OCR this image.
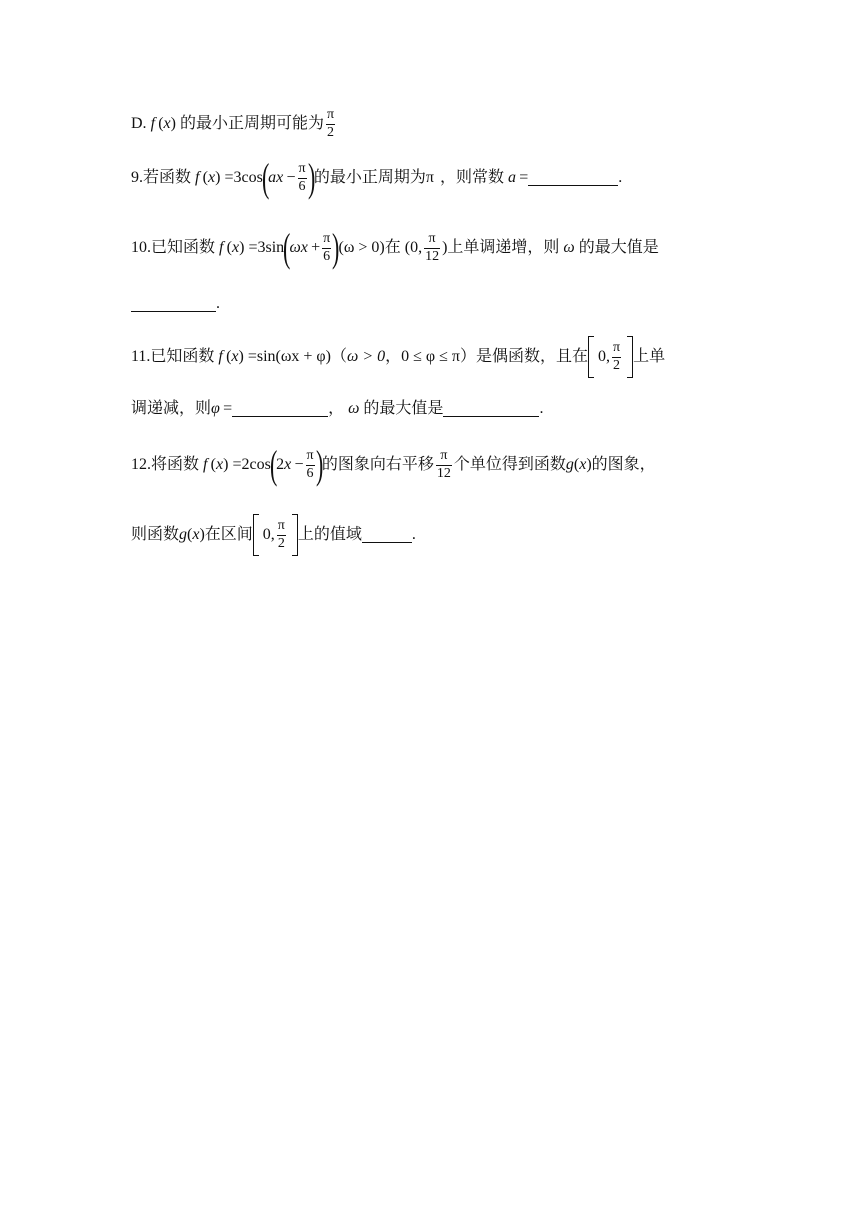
D. f (x) 的最小正周期可能为 $\frac{\pi}{2}$
9. 若函数 f (x) = 3cos
(
ax  − $\frac{\pi}{6}$ )
的最小正周期为 π ，则常数 a  =	.
10. 已知函数 f (x) = 3sin
(
$\omega x + \frac{\pi}{6}$ )
(ω > 0) 在 (0, $\frac{\pi}{12}$ ) 上单调递增，则 ω 的最大值是
.
11. 已知函数 f (x) = sin(ωx + φ) （ ω > 0 ， 0 ≤ φ ≤ π ）是偶函数，且在 0, $\frac{\pi}{2}$ 上单
调递减，则 φ  =	， ω 的最大值是	.
12. 将函数 f (x) = 2cos
(
$2x - \frac{\pi}{6}$ )
的图象向右平移 $\frac{\pi}{12}$ 个单位得到函数 g(x) 的图象，
则函数 g(x) 在区间 0, $\frac{\pi}{2}$ 上的值域	.
